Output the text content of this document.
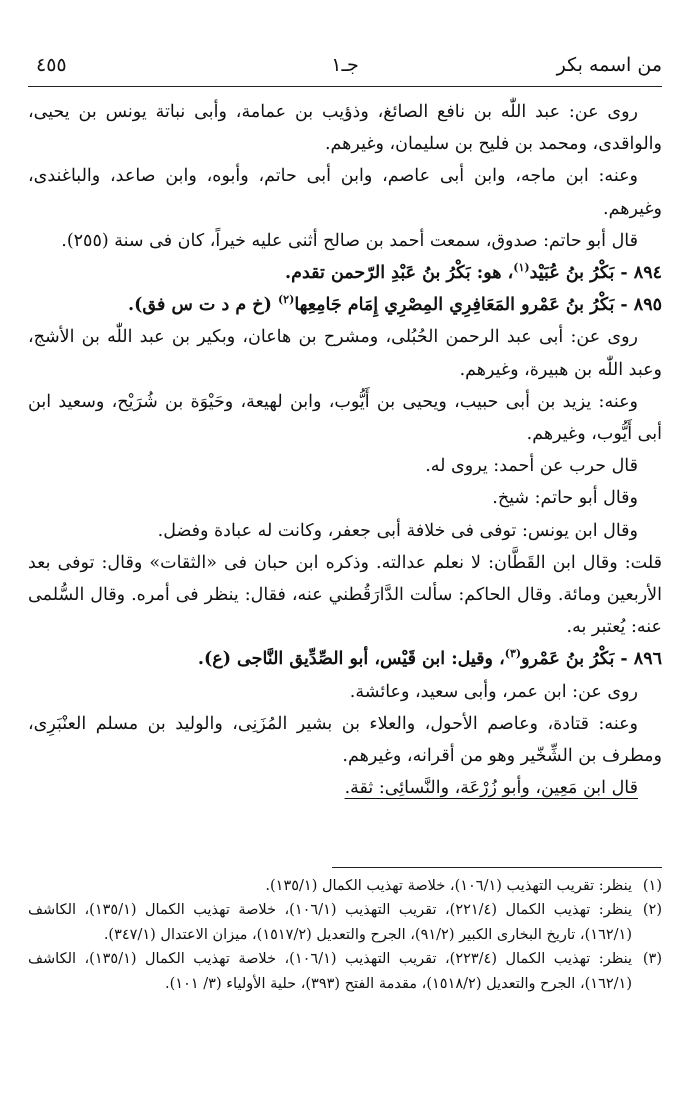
من اسمه بكر
جـ١
٤٥٥

روى عن: عبد اللّٰه بن نافع الصائغ، وذؤيب بن عمامة، وأبى نباتة يونس بن يحيى، والواقدى، ومحمد بن فليح بن سليمان، وغيرهم.

وعنه: ابن ماجه، وابن أبى عاصم، وابن أبى حاتم، وأبوه، وابن صاعد، والباغندى، وغيرهم.

قال أبو حاتم: صدوق، سمعت أحمد بن صالح أثنى عليه خيراً، كان فى سنة (٢٥٥).

٨٩٤ - بَكْرُ بنُ عُبَيْد$^{(١)}$، هو: بَكْرُ بنُ عَبْدِ الرّحمن تقدم.

٨٩٥ - بَكْرُ بنُ عَمْرو المَعَافِرِي المِصْرِي إِمَام جَامِعِها$^{(٢)}$ (خ م د ت س فق).

روى عن: أبى عبد الرحمن الحُبُلى، ومشرح بن هاعان، وبكير بن عبد اللّٰه بن الأشج، وعبد اللّٰه بن هبيرة، وغيرهم.

وعنه: يزيد بن أبى حبيب، ويحيى بن أَيُّوب، وابن لهيعة، وحَيْوَة بن شُرَيْح، وسعيد ابن أبى أَيُّوب، وغيرهم.

قال حرب عن أحمد: يروى له.

وقال أبو حاتم: شيخ.

وقال ابن يونس: توفى فى خلافة أبى جعفر، وكانت له عبادة وفضل.

قلت: وقال ابن القَطَّان: لا نعلم عدالته. وذكره ابن حبان فى «الثقات» وقال: توفى بعد الأربعين ومائة. وقال الحاكم: سألت الدَّارَقُطني عنه، فقال: ينظر فى أمره. وقال السُّلمى عنه: يُعتبر به.

٨٩٦ - بَكْرُ بنُ عَمْرو$^{(٣)}$، وقيل: ابن قَيْس، أبو الصِّدِّيق النَّاجى (ع).

روى عن: ابن عمر، وأبى سعيد، وعائشة.

وعنه: قتادة، وعاصم الأحول، والعلاء بن بشير المُزَنِى، والوليد بن مسلم العنْبَرِى، ومطرف بن الشِّخّير وهو من أقرانه، وغيرهم.

قال ابن مَعِين، وأبو زُرْعَة، والنَّسائِى: ثقة.

(١)
ينظر: تقريب التهذيب (١٠٦/١)، خلاصة تهذيب الكمال (١٣٥/١).

(٢)
ينظر: تهذيب الكمال (٢٢١/٤)، تقريب التهذيب (١٠٦/١)، خلاصة تهذيب الكمال (١٣٥/١)، الكاشف (١٦٢/١)، تاريخ البخارى الكبير (٩١/٢)، الجرح والتعديل (١٥١٧/٢)، ميزان الاعتدال (٣٤٧/١).

(٣)
ينظر: تهذيب الكمال (٢٢٣/٤)، تقريب التهذيب (١٠٦/١)، خلاصة تهذيب الكمال (١٣٥/١)، الكاشف (١٦٢/١)، الجرح والتعديل (١٥١٨/٢)، مقدمة الفتح (٣٩٣)، حلية الأولياء (٣/ ١٠١).
